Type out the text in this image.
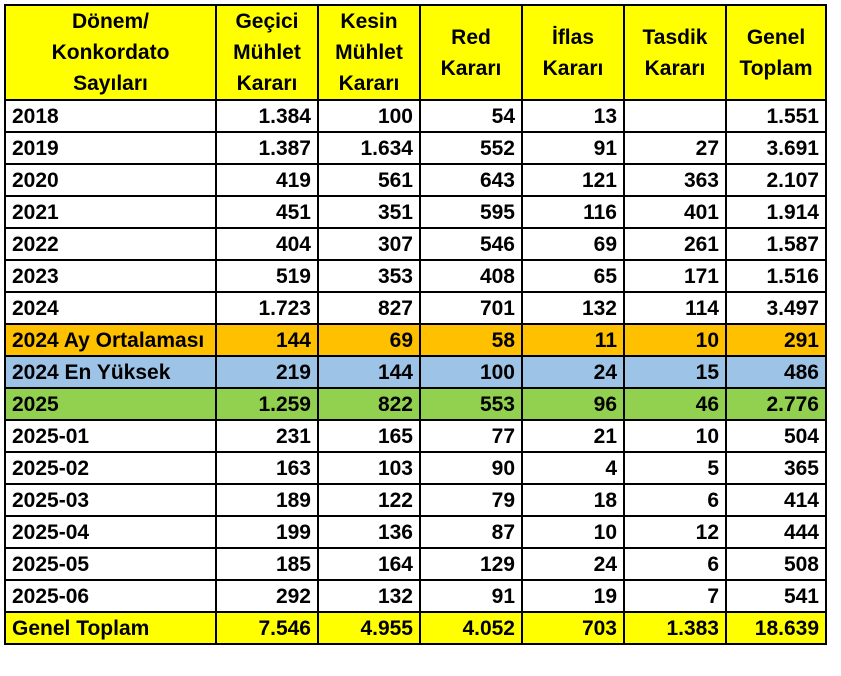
Dönem/
Konkordato Sayıları	Geçici
Mühlet
Kararı	Kesin
Mühlet
Kararı	Red
Kararı	İflas
Kararı	Tasdik
Kararı	Genel
Toplam

2018	1.384	100	54	13		1.551
2019	1.387	1.634	552	91	27	3.691
2020	419	561	643	121	363	2.107
2021	451	351	595	116	401	1.914
2022	404	307	546	69	261	1.587
2023	519	353	408	65	171	1.516
2024	1.723	827	701	132	114	3.497
2024 Ay Ortalaması	144	69	58	11	10	291
2024 En Yüksek	219	144	100	24	15	486
2025	1.259	822	553	96	46	2.776
2025-01	231	165	77	21	10	504
2025-02	163	103	90	4	5	365
2025-03	189	122	79	18	6	414
2025-04	199	136	87	10	12	444
2025-05	185	164	129	24	6	508
2025-06	292	132	91	19	7	541
Genel Toplam	7.546	4.955	4.052	703	1.383	18.639
